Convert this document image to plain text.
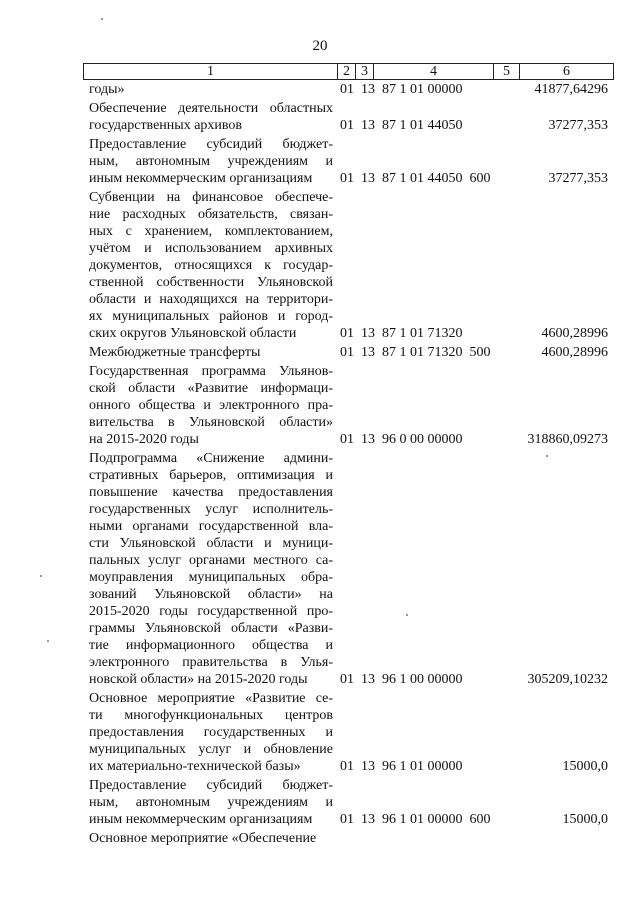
20
1	2 3	4	5	6
годы»	01  13  87 1 01 00000	41877,64296
Обеспечение деятельности областных
государственных архивов	01  13  87 1 01 44050	37277,353
Предоставление субсидий бюджет-
ным, автономным учреждениям и
иным некоммерческим организациям	01  13  87 1 01 44050  600	37277,353
Субвенции на финансовое обеспече-
ние расходных обязательств, связан-
ных с хранением, комплектованием,
учётом и использованием архивных
документов, относящихся к государ-
ственной собственности Ульяновской
области и находящихся на территори-
ях муниципальных районов и город-
ских округов Ульяновской области	01  13  87 1 01 71320	4600,28996
Межбюджетные трансферты	01  13  87 1 01 71320  500	4600,28996
Государственная программа Ульянов-
ской области «Развитие информаци-
онного общества и электронного пра-
вительства в Ульяновской области»
на 2015-2020 годы	01  13  96 0 00 00000	318860,09273
Подпрограмма «Снижение админи-
стративных барьеров, оптимизация и
повышение качества предоставления
государственных услуг исполнитель-
ными органами государственной вла-
сти Ульяновской области и муници-
пальных услуг органами местного са-
моуправления муниципальных обра-
зований Ульяновской области» на
2015-2020 годы государственной про-
граммы Ульяновской области «Разви-
тие информационного общества и
электронного правительства в Улья-
новской области» на 2015-2020 годы	01  13  96 1 00 00000	305209,10232
Основное мероприятие «Развитие се-
ти многофункциональных центров
предоставления государственных и
муниципальных услуг и обновление
их материально-технической базы»	01  13  96 1 01 00000	15000,0
Предоставление субсидий бюджет-
ным, автономным учреждениям и
иным некоммерческим организациям	01  13  96 1 01 00000  600	15000,0
Основное мероприятие «Обеспечение
